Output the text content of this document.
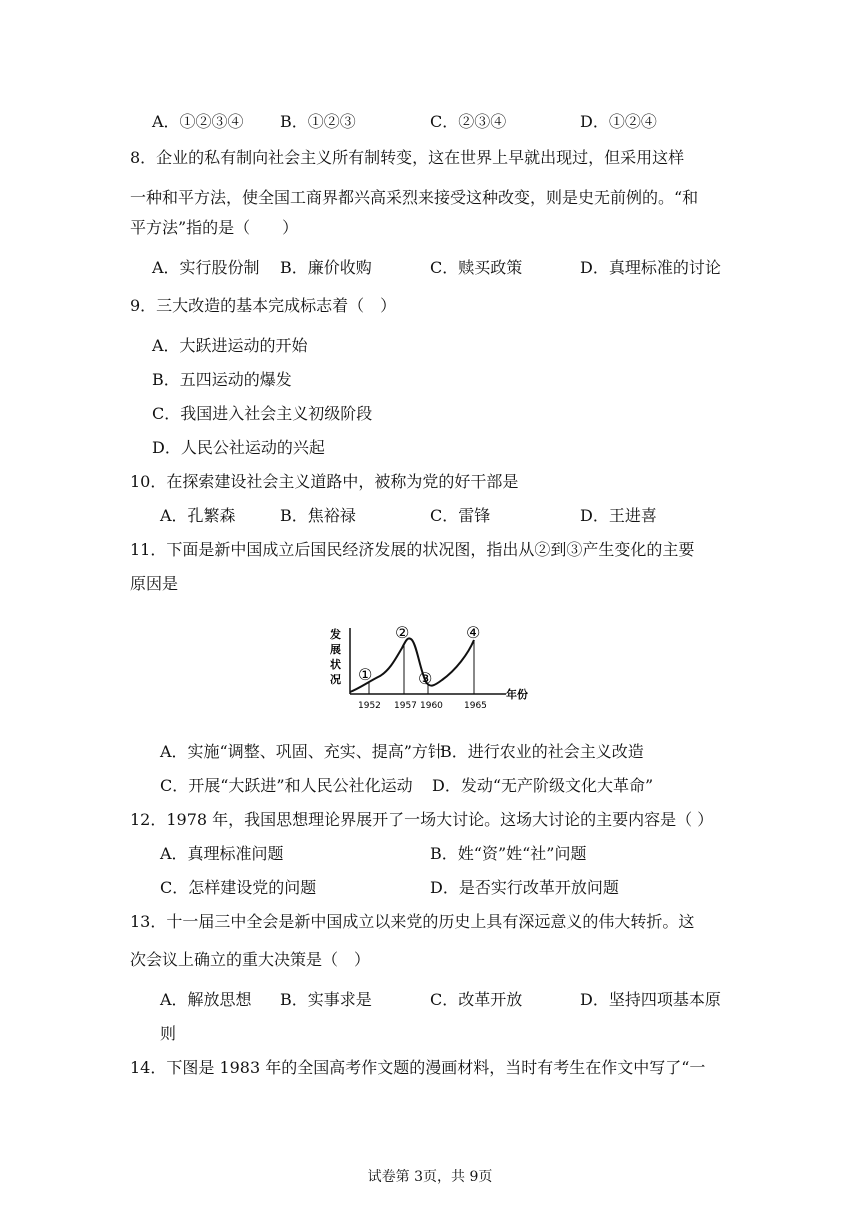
A．①②③④ B．①②③	C．②③④	D．①②④
8．企业的私有制向社会主义所有制转变，这在世界上早就出现过，但采用这样
一种和平方法，使全国工商界都兴高采烈来接受这种改变，则是史无前例的。“和
平方法”指的是（　　）
A．实行股份制 B．廉价收购	C．赎买政策	D．真理标准的讨论
9．三大改造的基本完成标志着（　）
A．大跃进运动的开始
B．五四运动的爆发
C．我国进入社会主义初级阶段
D．人民公社运动的兴起
10．在探索建设社会主义道路中，被称为党的好干部是
A．孔繁森	B．焦裕禄	C．雷锋	D．王进喜
11．下面是新中国成立后国民经济发展的状况图，指出从②到③产生变化的主要
原因是
发
展
状
况 ①
②
③
④
1952 1957 1960 1965
年份
A．实施“调整、巩固、充实、提高”方针
B．进行农业的社会主义改造
C．开展“大跃进”和人民公社化运动 D．发动“无产阶级文化大革命”
12．1978 年，我国思想理论界展开了一场大讨论。这场大讨论的主要内容是（ ）
A．真理标准问题	B．姓“资”姓“社”问题
C．怎样建设党的问题	D．是否实行改革开放问题
13．十一届三中全会是新中国成立以来党的历史上具有深远意义的伟大转折。这
次会议上确立的重大决策是（　）
A．解放思想 B．实事求是	C．改革开放	D．坚持四项基本原
则
14．下图是 1983 年的全国高考作文题的漫画材料，当时有考生在作文中写了“一
试卷第 3页，共 9页
